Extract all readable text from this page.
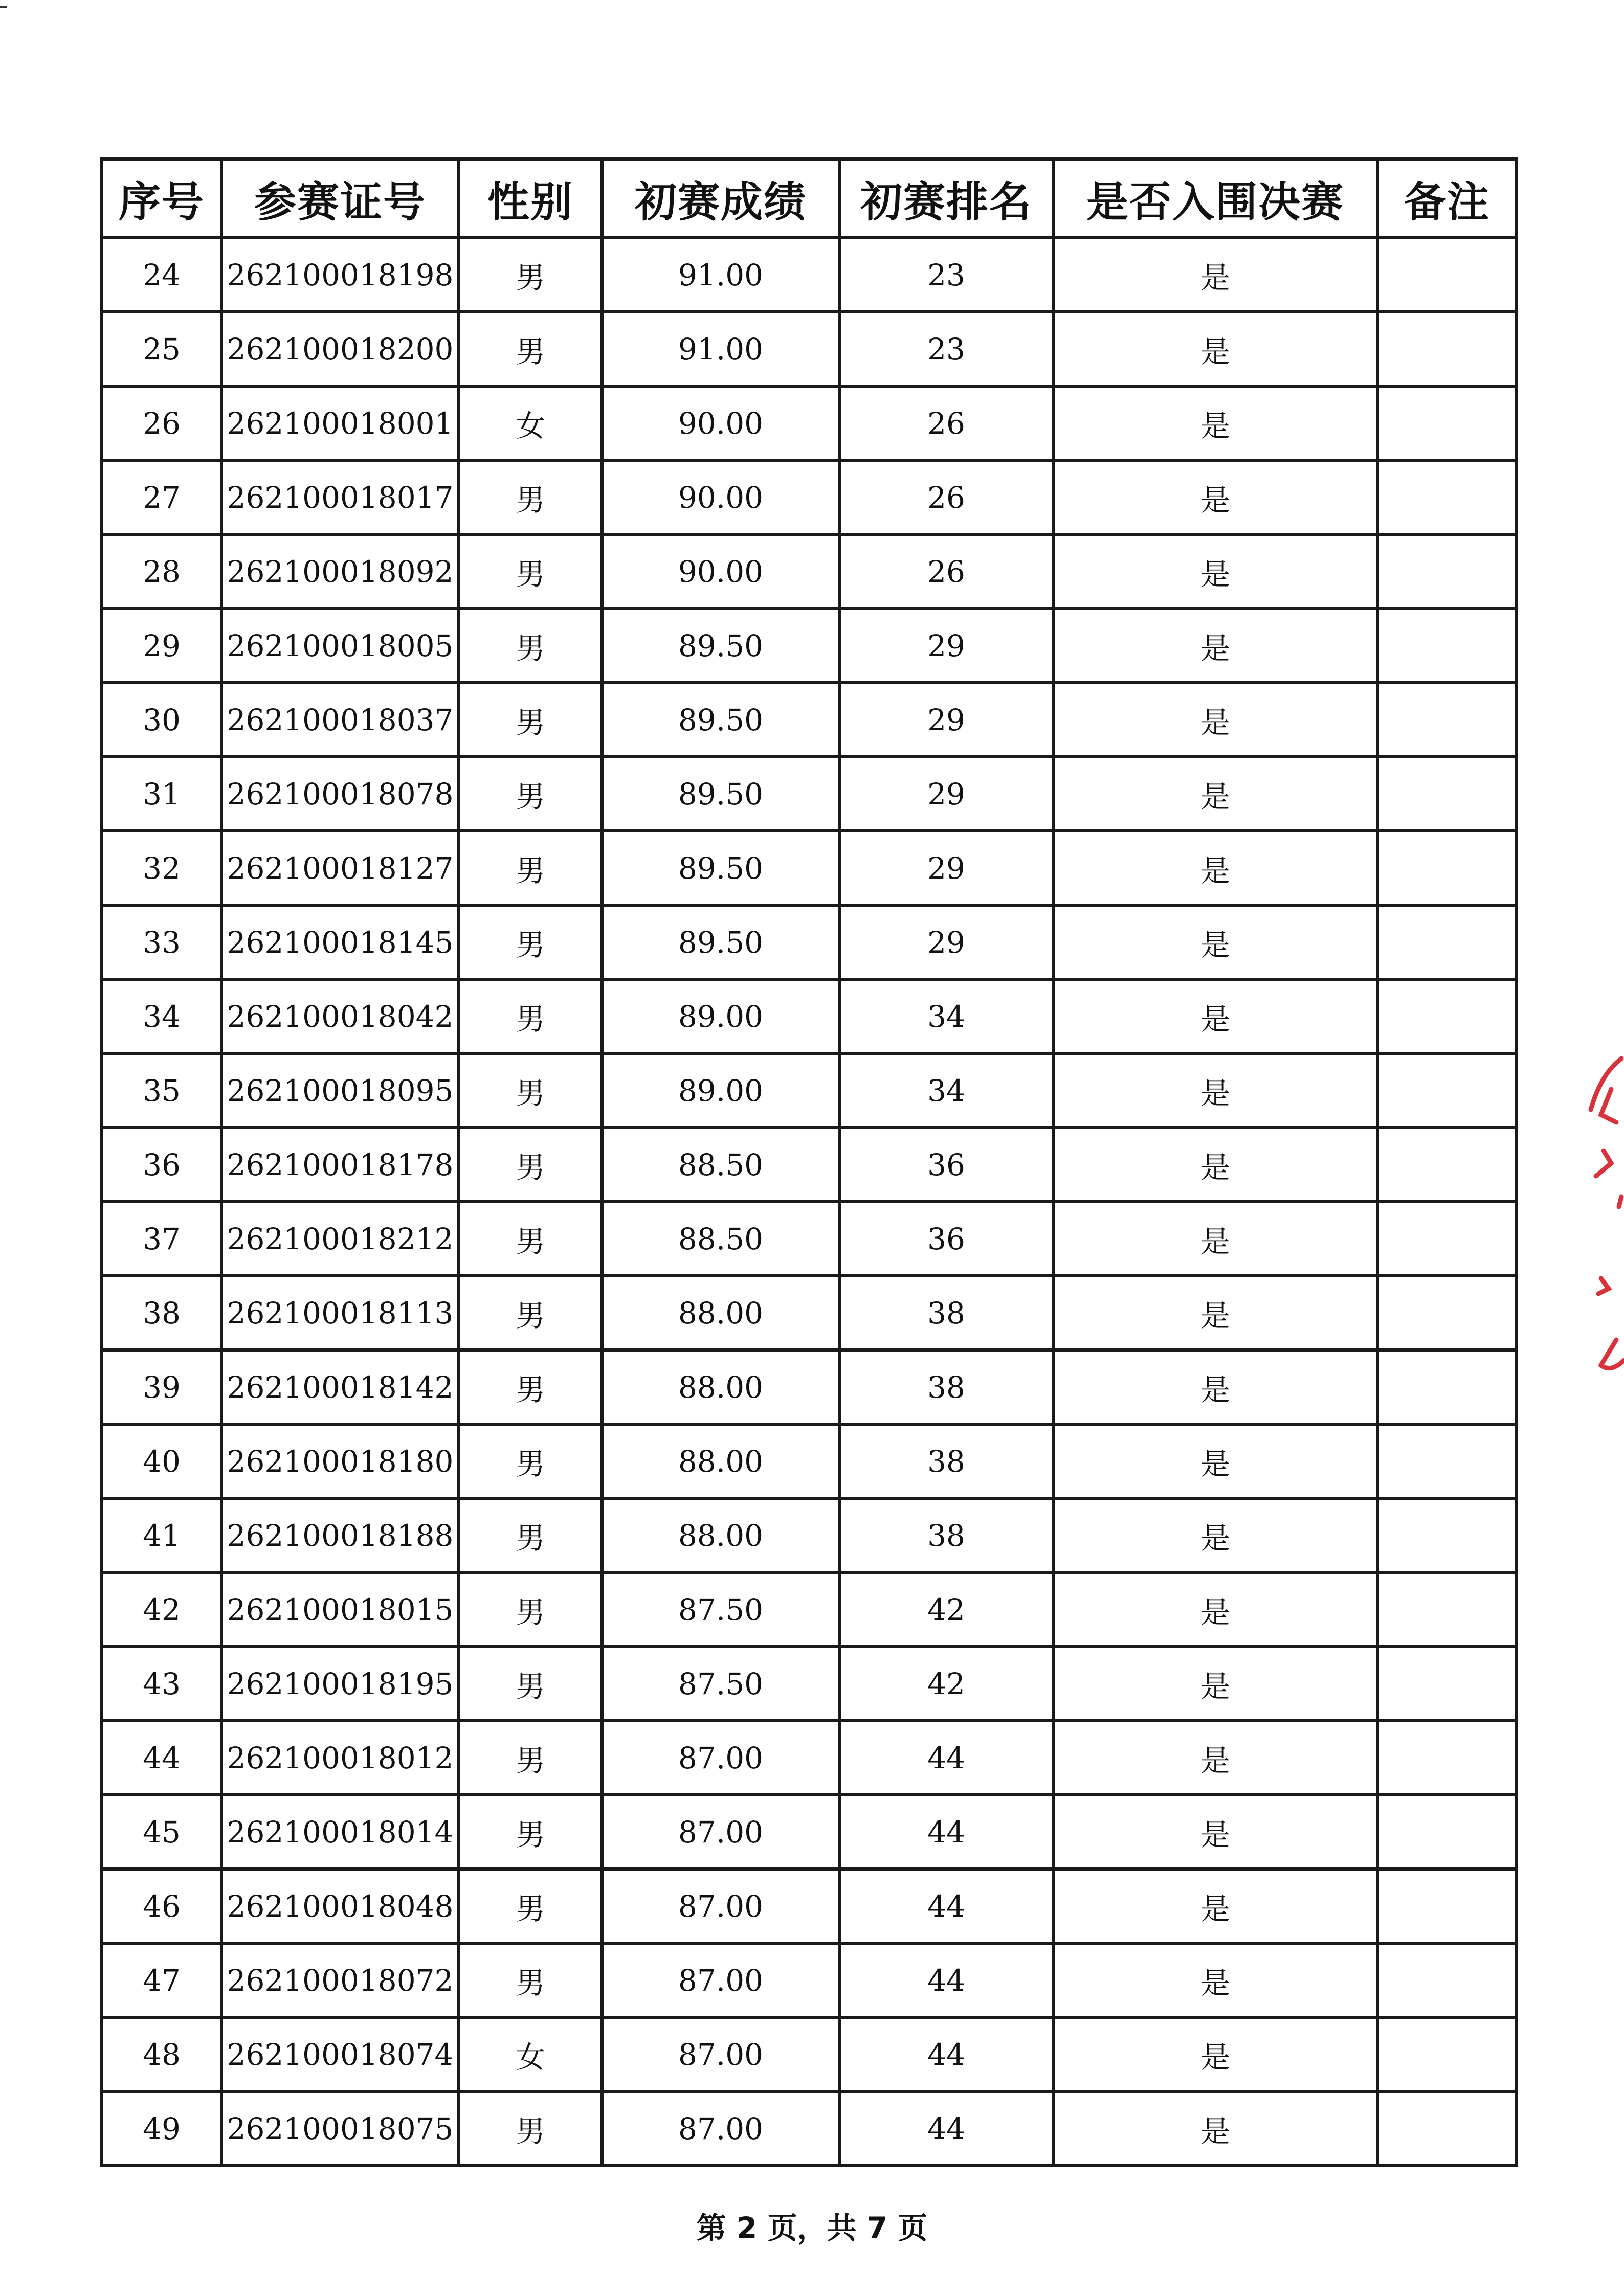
序号	参赛证号	性别	初赛成绩	初赛排名	是否入围决赛	备注
24	262100018198	男	91.00	23	是	
25	262100018200	男	91.00	23	是	
26	262100018001	女	90.00	26	是	
27	262100018017	男	90.00	26	是	
28	262100018092	男	90.00	26	是	
29	262100018005	男	89.50	29	是	
30	262100018037	男	89.50	29	是	
31	262100018078	男	89.50	29	是	
32	262100018127	男	89.50	29	是	
33	262100018145	男	89.50	29	是	
34	262100018042	男	89.00	34	是	
35	262100018095	男	89.00	34	是	
36	262100018178	男	88.50	36	是	
37	262100018212	男	88.50	36	是	
38	262100018113	男	88.00	38	是	
39	262100018142	男	88.00	38	是	
40	262100018180	男	88.00	38	是	
41	262100018188	男	88.00	38	是	
42	262100018015	男	87.50	42	是	
43	262100018195	男	87.50	42	是	
44	262100018012	男	87.00	44	是	
45	262100018014	男	87.00	44	是	
46	262100018048	男	87.00	44	是	
47	262100018072	男	87.00	44	是	
48	262100018074	女	87.00	44	是	
49	262100018075	男	87.00	44	是	
第 2 页，共 7 页
